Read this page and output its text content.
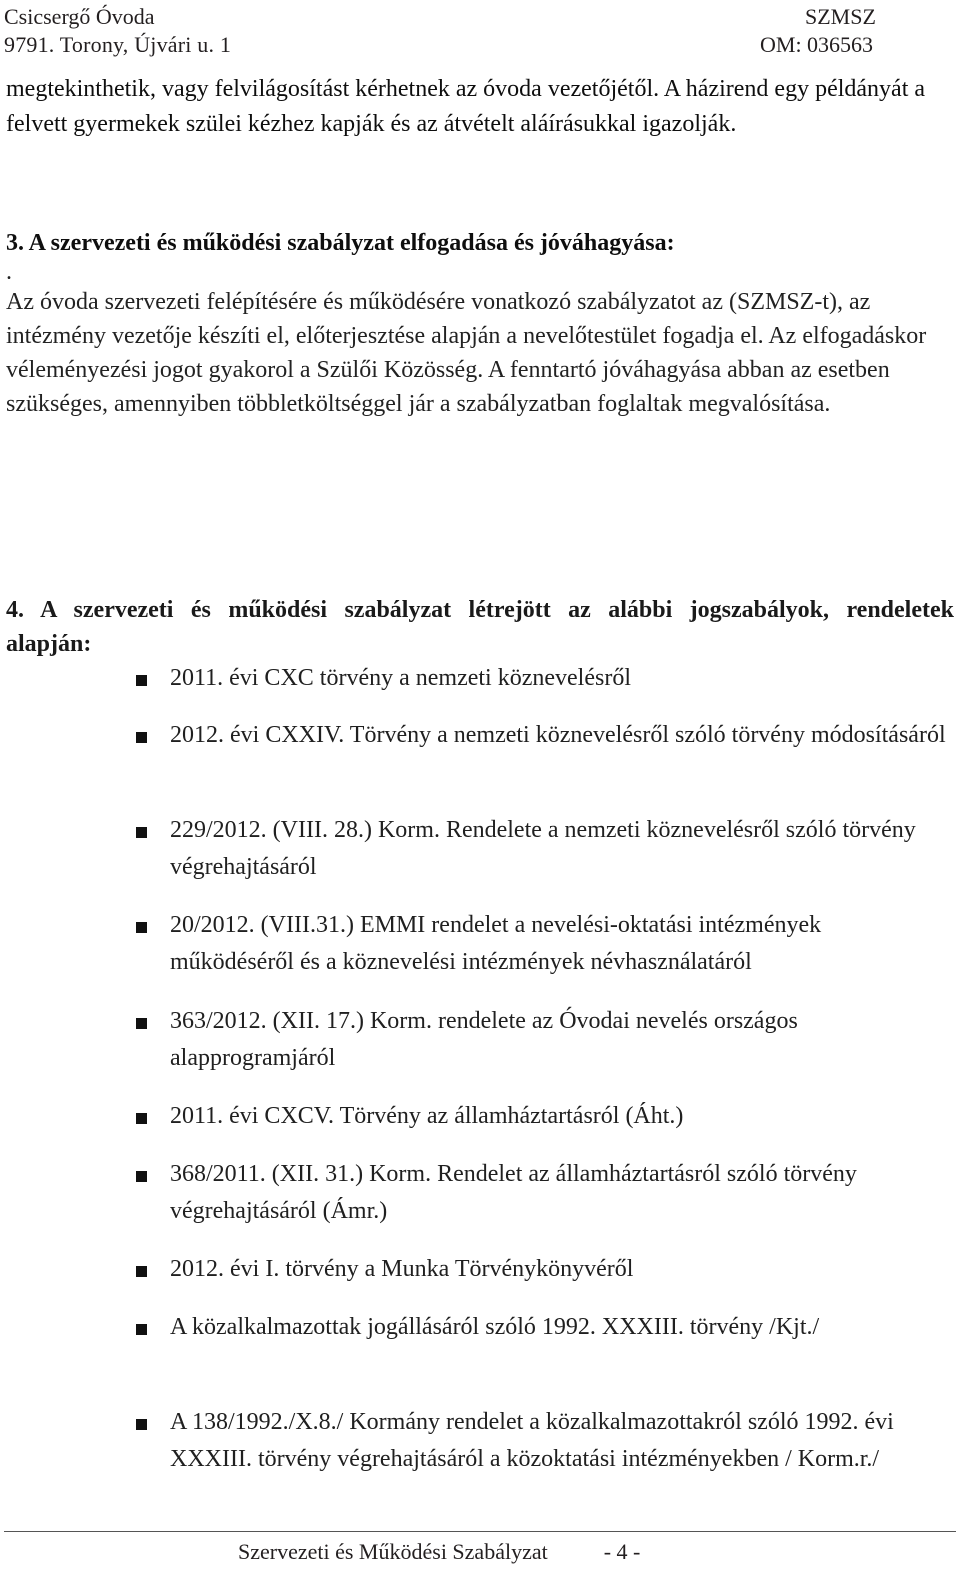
Csicsergő Óvoda
9791. Torony, Újvári u. 1
SZMSZ
OM: 036563

megtekinthetik, vagy felvilágosítást kérhetnek az óvoda vezetőjétől. A házirend egy példányát a felvett gyermekek szülei kézhez kapják és az átvételt aláírásukkal igazolják.

3. A szervezeti és működési szabályzat elfogadása és jóváhagyása:
.

Az óvoda szervezeti felépítésére és működésére vonatkozó szabályzatot az (SZMSZ-t), az intézmény vezetője készíti el, előterjesztése alapján a nevelőtestület fogadja el. Az elfogadáskor véleményezési jogot gyakorol a Szülői Közösség. A fenntartó jóváhagyása abban az esetben szükséges, amennyiben többletköltséggel jár a szabályzatban foglaltak megvalósítása.

4. A szervezeti és működési szabályzat létrejött az alábbi jogszabályok, rendeletek alapján:

2011. évi CXC törvény a nemzeti köznevelésről
2012. évi CXXIV. Törvény a nemzeti köznevelésről szóló törvény módosításáról
229/2012. (VIII. 28.) Korm. Rendelete a nemzeti köznevelésről szóló törvény végrehajtásáról
20/2012. (VIII.31.) EMMI rendelet a nevelési-oktatási intézmények működéséről és a köznevelési intézmények névhasználatáról
363/2012. (XII. 17.) Korm. rendelete az Óvodai nevelés országos alapprogramjáról
2011. évi CXCV. Törvény az államháztartásról (Áht.)
368/2011. (XII. 31.) Korm. Rendelet az államháztartásról szóló törvény végrehajtásáról (Ámr.)
2012. évi I. törvény a Munka Törvénykönyvéről
A közalkalmazottak jogállásáról szóló 1992. XXXIII. törvény /Kjt./
A 138/1992./X.8./ Kormány rendelet a közalkalmazottakról szóló 1992. évi XXXIII. törvény végrehajtásáról a közoktatási intézményekben / Korm.r./
Szervezeti és Működési Szabályzat	- 4 -
